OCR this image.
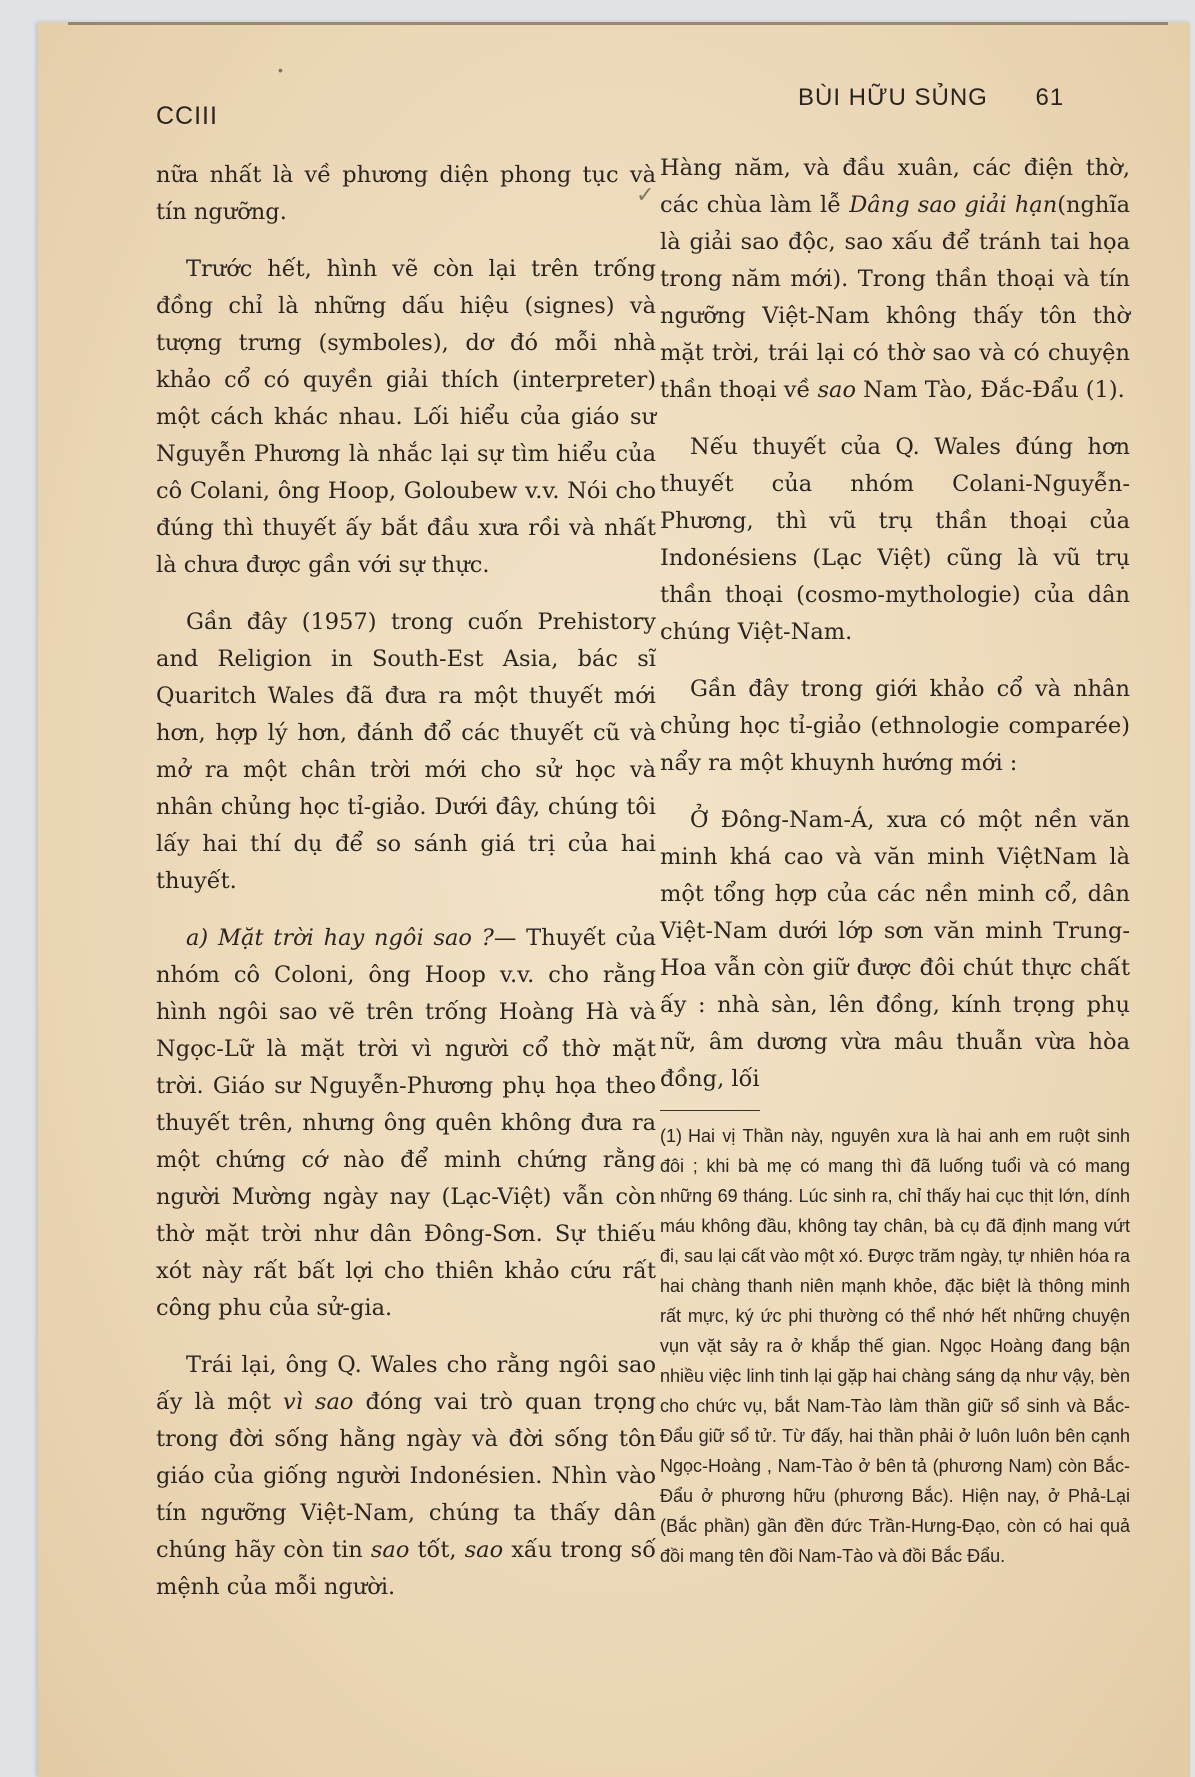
CCIII
BÙI HỮU SỦNG 61

nữa nhất là về phương diện phong tục và tín ngưỡng.

Trước hết, hình vẽ còn lại trên trống đồng chỉ là những dấu hiệu (signes) và tượng trưng (symboles), dơ đó mỗi nhà khảo cổ có quyền giải thích (interpreter) một cách khác nhau. Lối hiểu của giáo sư Nguyễn Phương là nhắc lại sự tìm hiểu của cô Colani, ông Hoop, Goloubew v.v. Nói cho đúng thì thuyết ấy bắt đầu xưa rồi và nhất là chưa được gần với sự thực.

Gần đây (1957) trong cuốn Prehistory and Religion in South-Est Asia, bác sĩ Quaritch Wales đã đưa ra một thuyết mới hơn, hợp lý hơn, đánh đổ các thuyết cũ và mở ra một chân trời mới cho sử học và nhân chủng học tỉ-giảo. Dưới đây, chúng tôi lấy hai thí dụ để so sánh giá trị của hai thuyết.

a) Mặt trời hay ngôi sao ?— Thuyết của nhóm cô Coloni, ông Hoop v.v. cho rằng hình ngôi sao vẽ trên trống Hoàng Hà và Ngọc-Lữ là mặt trời vì người cổ thờ mặt trời. Giáo sư Nguyễn-Phương phụ họa theo thuyết trên, nhưng ông quên không đưa ra một chứng cớ nào để minh chứng rằng người Mường ngày nay (Lạc-Việt) vẫn còn thờ mặt trời như dân Đông-Sơn. Sự thiếu xót này rất bất lợi cho thiên khảo cứu rất công phu của sử-gia.

Trái lại, ông Q. Wales cho rằng ngôi sao ấy là một vì sao đóng vai trò quan trọng trong đời sống hằng ngày và đời sống tôn giáo của giống người Indonésien. Nhìn vào tín ngưỡng Việt-Nam, chúng ta thấy dân chúng hãy còn tin sao tốt, sao xấu trong số mệnh của mỗi người.

Hàng năm, và đầu xuân, các điện thờ, các chùa làm lễ Dâng sao giải hạn(nghĩa là giải sao độc, sao xấu để tránh tai họa trong năm mới). Trong thần thoại và tín ngưỡng Việt-Nam không thấy tôn thờ mặt trời, trái lại có thờ sao và có chuyện thần thoại về sao Nam Tào, Đắc-Đẩu (1).

Nếu thuyết của Q. Wales đúng hơn thuyết của nhóm Colani-Nguyễn-Phương, thì vũ trụ thần thoại của Indonésiens (Lạc Việt) cũng là vũ trụ thần thoại (cosmo-mythologie) của dân chúng Việt-Nam.

Gần đây trong giới khảo cổ và nhân chủng học tỉ-giảo (ethnologie comparée) nẩy ra một khuynh hướng mới :

Ở Đông-Nam-Á, xưa có một nền văn minh khá cao và văn minh ViệtNam là một tổng hợp của các nền minh cổ, dân Việt-Nam dưới lớp sơn văn minh Trung-Hoa vẫn còn giữ được đôi chút thực chất ấy : nhà sàn, lên đồng, kính trọng phụ nữ, âm dương vừa mâu thuẫn vừa hòa đồng, lối

(1) Hai vị Thần này, nguyên xưa là hai anh em ruột sinh đôi ; khi bà mẹ có mang thì đã luống tuổi và có mang những 69 tháng. Lúc sinh ra, chỉ thấy hai cục thịt lớn, dính máu không đầu, không tay chân, bà cụ đã định mang vứt đi, sau lại cất vào một xó. Được trăm ngày, tự nhiên hóa ra hai chàng thanh niên mạnh khỏe, đặc biệt là thông minh rất mực, ký ức phi thường có thể nhớ hết những chuyện vụn vặt sảy ra ở khắp thế gian. Ngọc Hoàng đang bận nhiều việc linh tinh lại gặp hai chàng sáng dạ như vậy, bèn cho chức vụ, bắt Nam-Tào làm thần giữ sổ sinh và Bắc-Đẩu giữ sổ tử. Từ đấy, hai thần phải ở luôn luôn bên cạnh Ngọc-Hoàng , Nam-Tào ở bên tả (phương Nam) còn Bắc-Đẩu ở phương hữu (phương Bắc). Hiện nay, ở Phả-Lại (Bắc phần) gần đền đức Trần-Hưng-Đạo, còn có hai quả đồi mang tên đồi Nam-Tào và đồi Bắc Đẩu.
•
✓
